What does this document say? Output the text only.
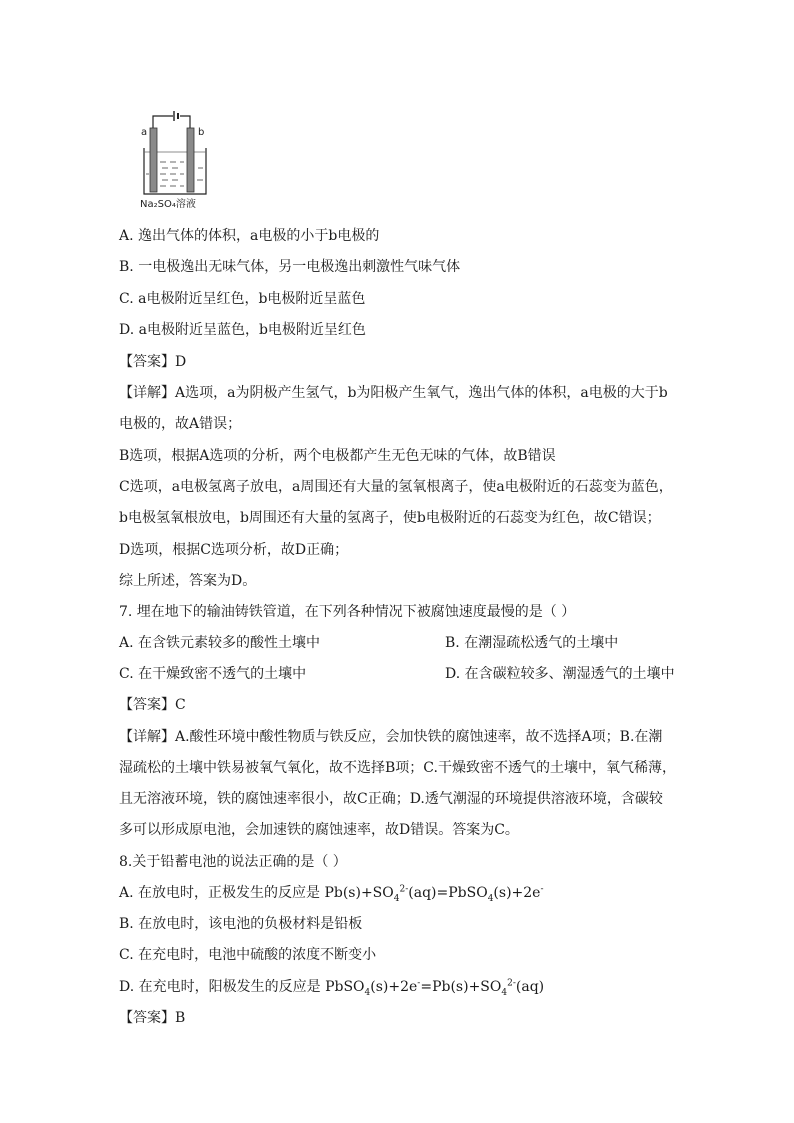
a	b
Na₂SO₄溶液
A. 逸出气体的体积，a电极的小于b电极的
B. 一电极逸出无味气体，另一电极逸出刺激性气味气体
C. a电极附近呈红色，b电极附近呈蓝色
D. a电极附近呈蓝色，b电极附近呈红色
【答案】D
【详解】A选项，a为阴极产生氢气，b为阳极产生氧气，逸出气体的体积，a电极的大于b
电极的，故A错误；
B选项，根据A选项的分析，两个电极都产生无色无味的气体，故B错误
C选项，a电极氢离子放电，a周围还有大量的氢氧根离子，使a电极附近的石蕊变为蓝色，
b电极氢氧根放电，b周围还有大量的氢离子，使b电极附近的石蕊变为红色，故C错误；
D选项，根据C选项分析，故D正确；
综上所述，答案为D。
7. 埋在地下的输油铸铁管道，在下列各种情况下被腐蚀速度最慢的是（ ）
A. 在含铁元素较多的酸性土壤中	B. 在潮湿疏松透气的土壤中
C. 在干燥致密不透气的土壤中	D. 在含碳粒较多、潮湿透气的土壤中
【答案】C
【详解】A.酸性环境中酸性物质与铁反应，会加快铁的腐蚀速率，故不选择A项；B.在潮
湿疏松的土壤中铁易被氧气氧化，故不选择B项；C.干燥致密不透气的土壤中，氧气稀薄，
且无溶液环境，铁的腐蚀速率很小，故C正确；D.透气潮湿的环境提供溶液环境，含碳较
多可以形成原电池，会加速铁的腐蚀速率，故D错误。答案为C。
8.关于铅蓄电池的说法正确的是（ ）
A. 在放电时，正极发生的反应是 $Pb(s)+SO_4^{2-}(aq)=PbSO_4(s)+2e^-$
B. 在放电时，该电池的负极材料是铅板
C. 在充电时，电池中硫酸的浓度不断变小
D. 在充电时，阳极发生的反应是 $PbSO_4(s)+2e^-=Pb(s)+SO_4^{2-}(aq)$
【答案】B
